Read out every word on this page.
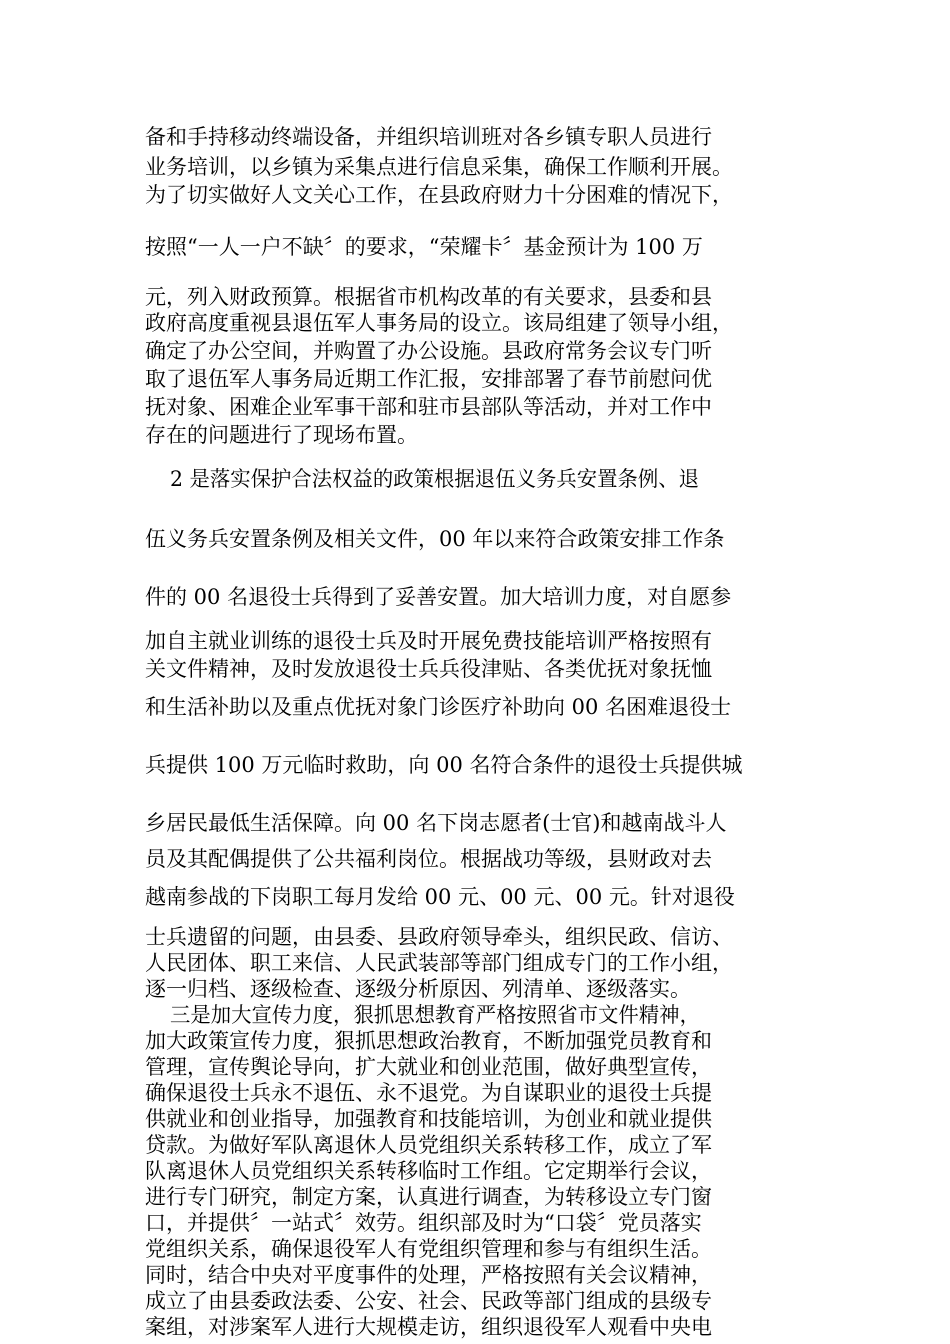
备和手持移动终端设备，并组织培训班对各乡镇专职人员进行

业务培训，以乡镇为采集点进行信息采集，确保工作顺利开展。

为了切实做好人文关心工作，在县政府财力十分困难的情况下，

按照“一人一户不缺〞的要求，“荣耀卡〞基金预计为 100 万

元，列入财政预算。根据省市机构改革的有关要求，县委和县

政府高度重视县退伍军人事务局的设立。该局组建了领导小组，

确定了办公空间，并购置了办公设施。县政府常务会议专门听

取了退伍军人事务局近期工作汇报，安排部署了春节前慰问优

抚对象、困难企业军事干部和驻市县部队等活动，并对工作中

存在的问题进行了现场布置。

2 是落实保护合法权益的政策根据退伍义务兵安置条例、退

伍义务兵安置条例及相关文件，00 年以来符合政策安排工作条

件的 00 名退役士兵得到了妥善安置。加大培训力度，对自愿参

加自主就业训练的退役士兵及时开展免费技能培训严格按照有

关文件精神，及时发放退役士兵兵役津贴、各类优抚对象抚恤

和生活补助以及重点优抚对象门诊医疗补助向 00 名困难退役士

兵提供 100 万元临时救助，向 00 名符合条件的退役士兵提供城

乡居民最低生活保障。向 00 名下岗志愿者(士官)和越南战斗人

员及其配偶提供了公共福利岗位。根据战功等级，县财政对去

越南参战的下岗职工每月发给 00 元、00 元、00 元。针对退役

士兵遗留的问题，由县委、县政府领导牵头，组织民政、信访、

人民团体、职工来信、人民武装部等部门组成专门的工作小组，

逐一归档、逐级检查、逐级分析原因、列清单、逐级落实。

三是加大宣传力度，狠抓思想教育严格按照省市文件精神，

加大政策宣传力度，狠抓思想政治教育，不断加强党员教育和

管理，宣传舆论导向，扩大就业和创业范围，做好典型宣传，

确保退役士兵永不退伍、永不退党。为自谋职业的退役士兵提

供就业和创业指导，加强教育和技能培训，为创业和就业提供

贷款。为做好军队离退休人员党组织关系转移工作，成立了军

队离退休人员党组织关系转移临时工作组。它定期举行会议，

进行专门研究，制定方案，认真进行调查，为转移设立专门窗

口，并提供〞一站式〞效劳。组织部及时为“口袋〞党员落实

党组织关系，确保退役军人有党组织管理和参与有组织生活。

同时，结合中央对平度事件的处理，严格按照有关会议精神，

成立了由县委政法委、公安、社会、民政等部门组成的县级专

案组，对涉案军人进行大规模走访，组织退役军人观看中央电
